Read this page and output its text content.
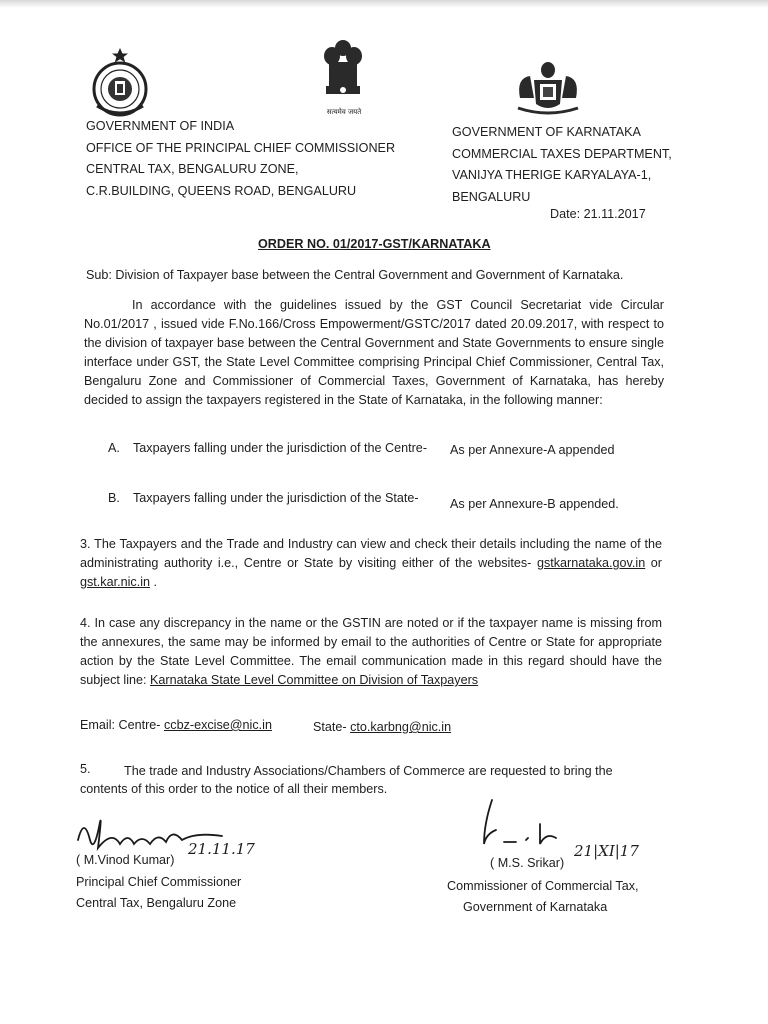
सत्यमेव जयते
GOVERNMENT OF INDIA
OFFICE OF THE PRINCIPAL CHIEF COMMISSIONER
CENTRAL TAX, BENGALURU ZONE,
C.R.BUILDING, QUEENS ROAD, BENGALURU
GOVERNMENT OF KARNATAKA
COMMERCIAL TAXES DEPARTMENT,
VANIJYA THERIGE KARYALAYA-1,
BENGALURU
Date: 21.11.2017
ORDER NO. 01/2017-GST/KARNATAKA
Sub: Division of Taxpayer base between the Central Government and Government of Karnataka.
In accordance with the guidelines issued by the GST Council Secretariat vide Circular No.01/2017 , issued vide F.No.166/Cross Empowerment/GSTC/2017 dated 20.09.2017, with respect to the division of taxpayer base between the Central Government and State Governments to ensure single interface under GST, the State Level Committee comprising Principal Chief Commissioner, Central Tax, Bengaluru Zone and Commissioner of Commercial Taxes, Government of Karnataka, has hereby decided to assign the taxpayers registered in the State of Karnataka, in the following manner:
A. Taxpayers falling under the jurisdiction of the Centre- As per Annexure-A appended
B. Taxpayers falling under the jurisdiction of the State- As per Annexure-B appended.
3. The Taxpayers and the Trade and Industry can view and check their details including the name of the administrating authority i.e., Centre or State by visiting either of the websites- gstkarnataka.gov.in or gst.kar.nic.in .
4. In case any discrepancy in the name or the GSTIN are noted or if the taxpayer name is missing from the annexures, the same may be informed by email to the authorities of Centre or State for appropriate action by the State Level Committee. The email communication made in this regard should have the subject line: Karnataka State Level Committee on Division of Taxpayers
Email: Centre- ccbz-excise@nic.in	State- cto.karbng@nic.in
5.	The trade and Industry Associations/Chambers of Commerce are requested to bring the
contents of this order to the notice of all their members.
( M.Vinod Kumar)
21.11.17
Principal Chief Commissioner
Central Tax, Bengaluru Zone
( M.S. Srikar)
21|XI|17
Commissioner of Commercial Tax,
Government of Karnataka
